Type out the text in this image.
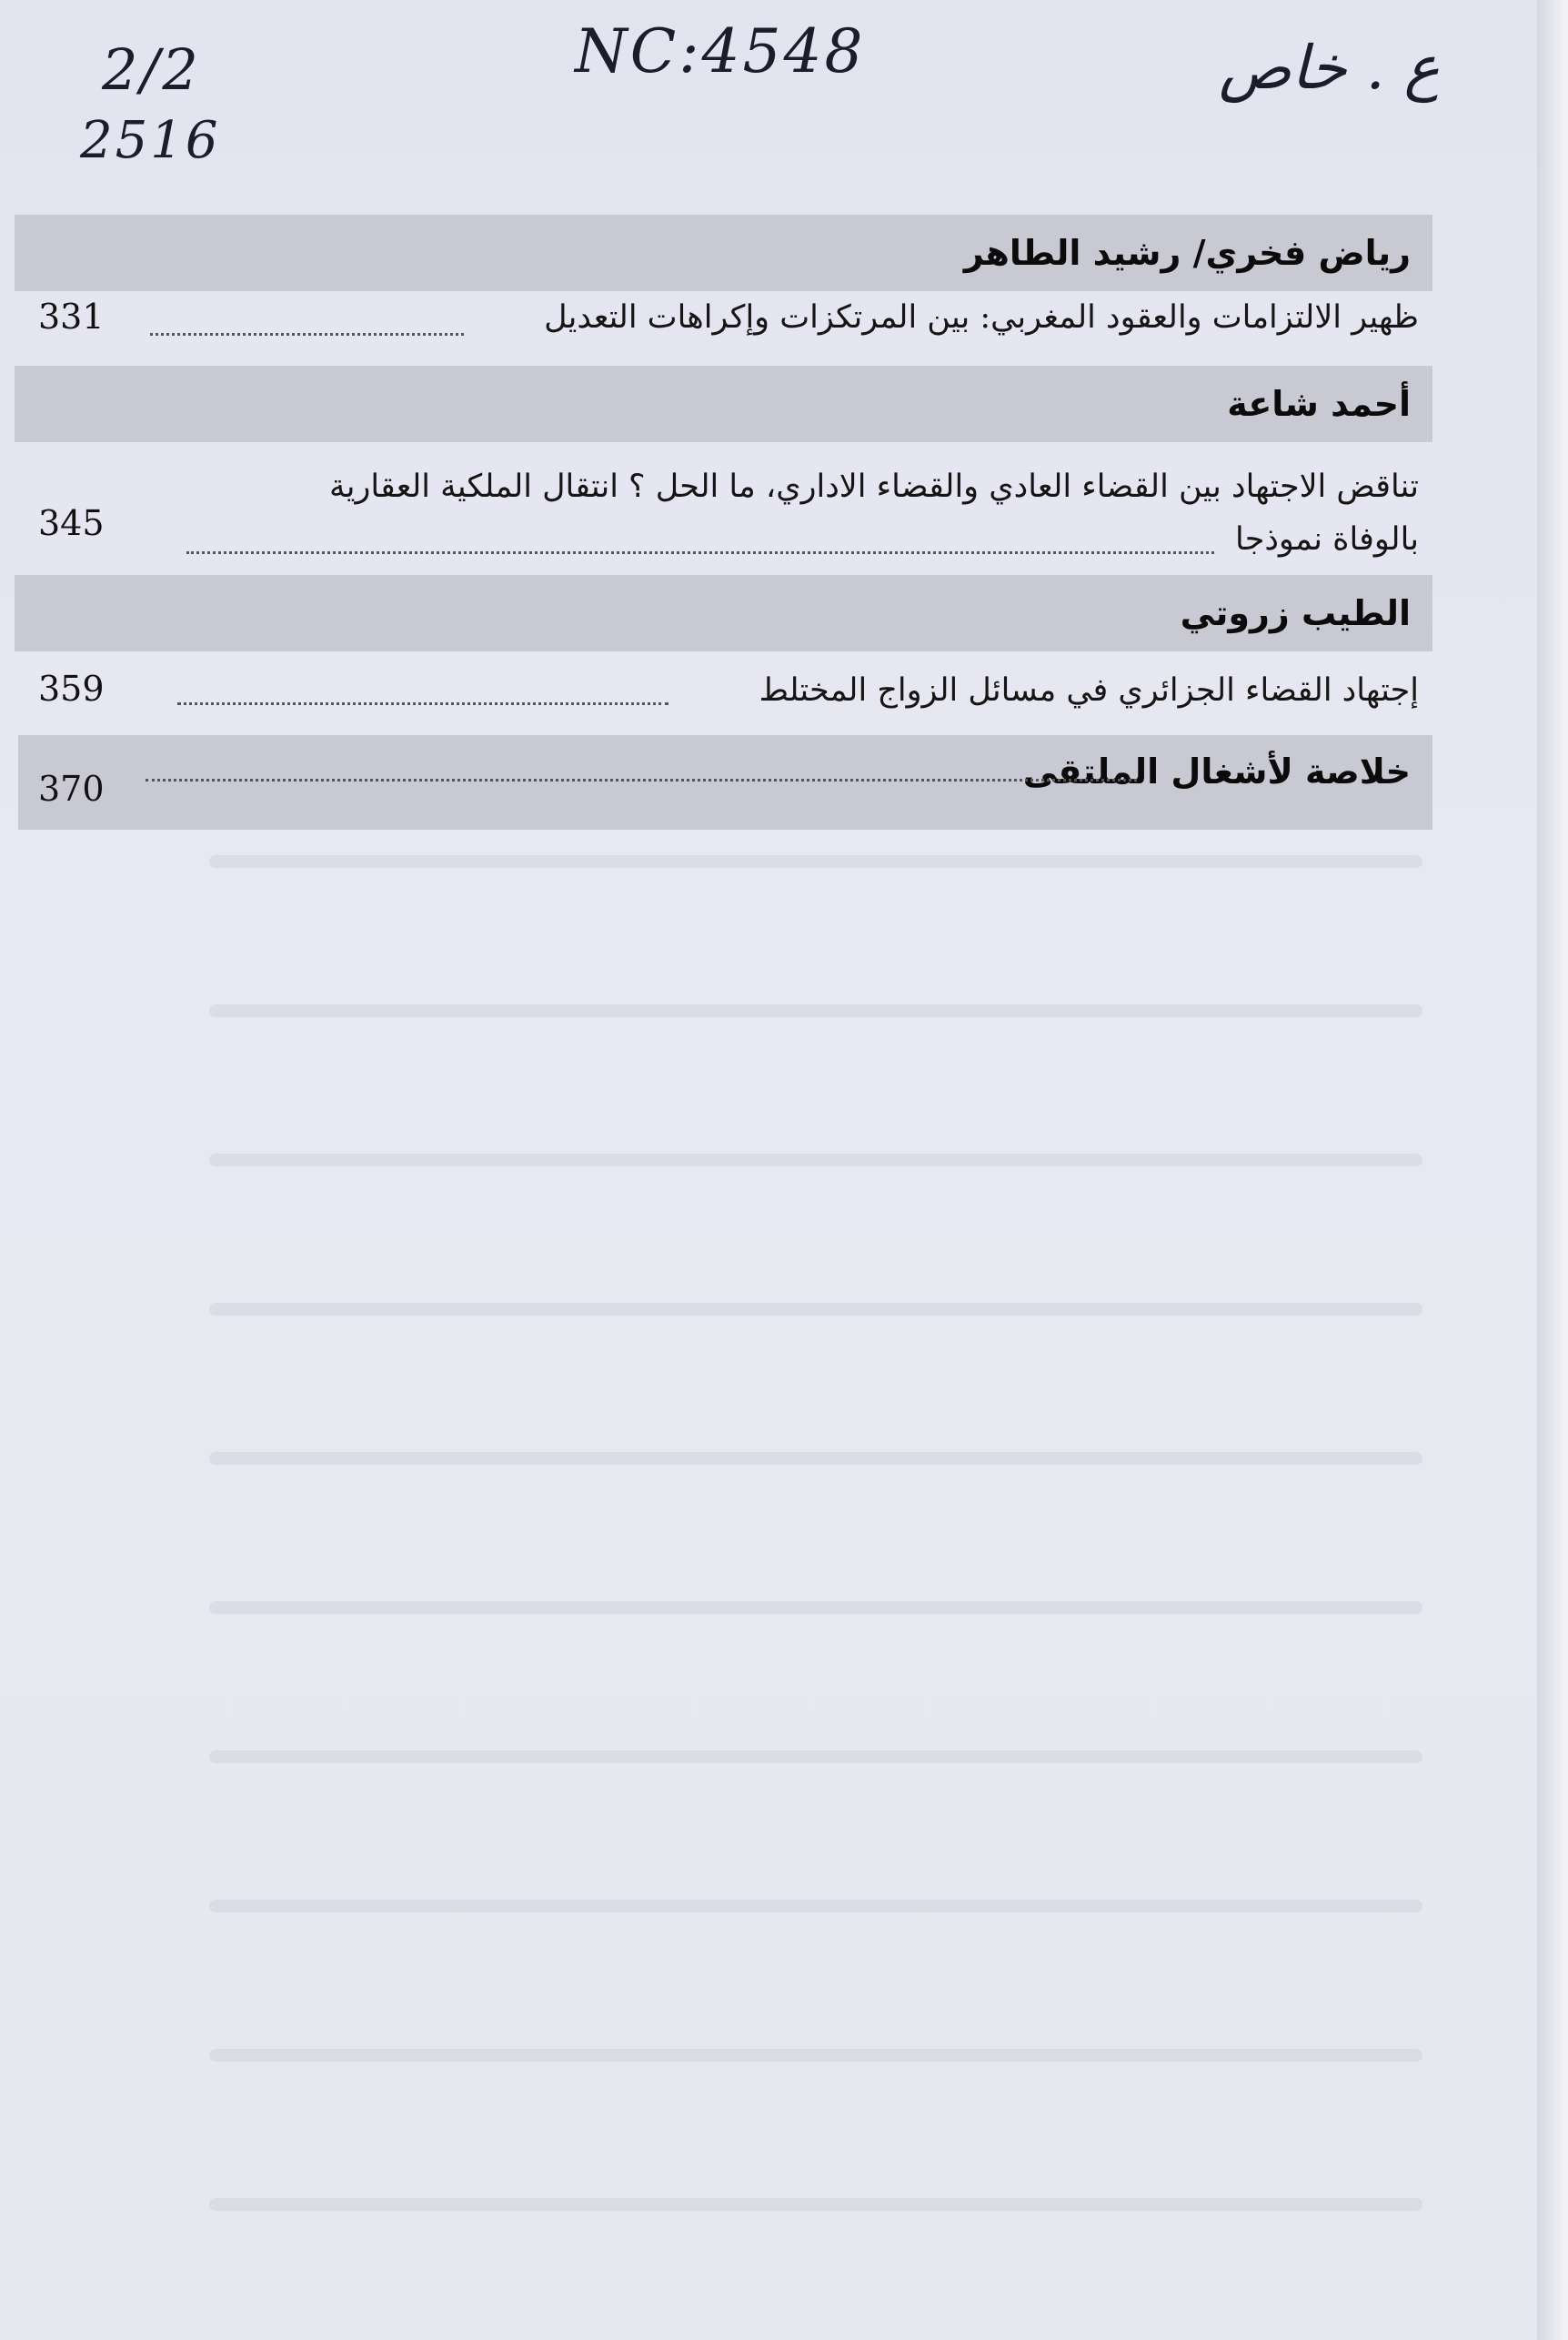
2/2
2516
NC:4548	ع . خاص
رياض فخري/ رشيد الطاهر
ظهير الالتزامات والعقود المغربي: بين المرتكزات وإكراهات التعديل
331
أحمد شاعة
تناقض الاجتهاد بين القضاء العادي والقضاء الاداري، ما الحل ؟ انتقال الملكية العقارية
بالوفاة نموذجا
345
الطيب زروتي
إجتهاد القضاء الجزائري في مسائل الزواج المختلط
359
خلاصة لأشغال الملتقى
370
